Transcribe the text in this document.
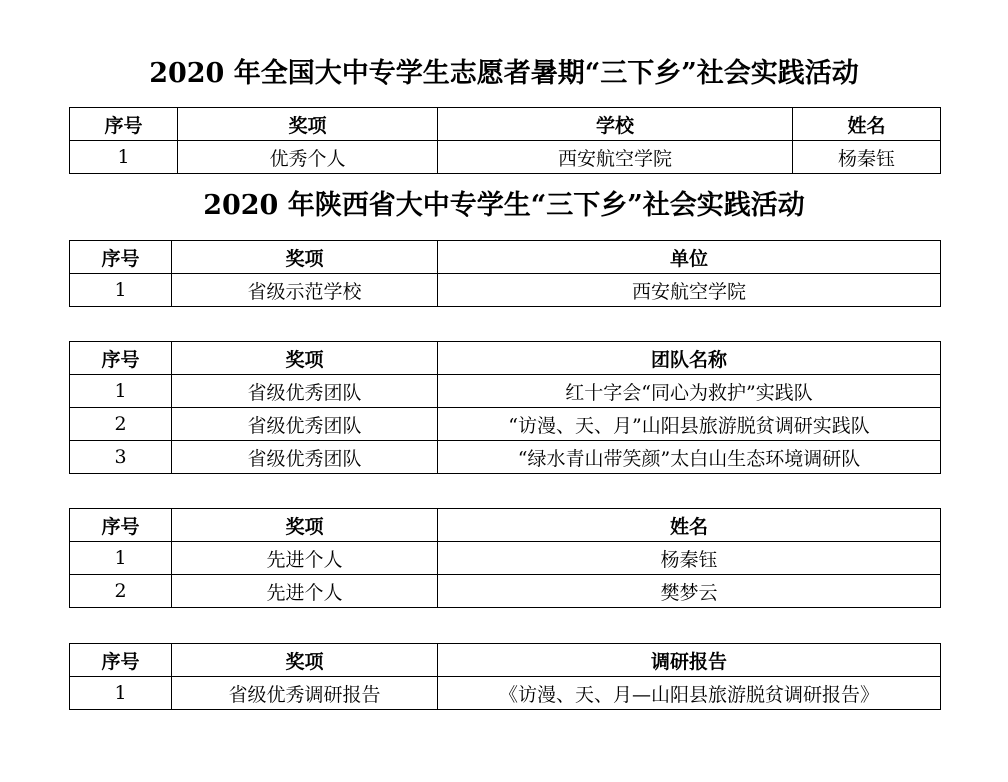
2020 年全国大中专学生志愿者暑期“三下乡”社会实践活动
序号	奖项	学校	姓名
1	优秀个人	西安航空学院	杨秦钰
2020 年陕西省大中专学生“三下乡”社会实践活动
序号	奖项	单位
1	省级示范学校	西安航空学院
序号	奖项	团队名称
1	省级优秀团队	红十字会“同心为救护”实践队
2	省级优秀团队	“访漫、天、月”山阳县旅游脱贫调研实践队
3	省级优秀团队	“绿水青山带笑颜”太白山生态环境调研队
序号	奖项	姓名
1	先进个人	杨秦钰
2	先进个人	樊梦云
序号	奖项	调研报告
1	省级优秀调研报告	《访漫、天、月—山阳县旅游脱贫调研报告》
